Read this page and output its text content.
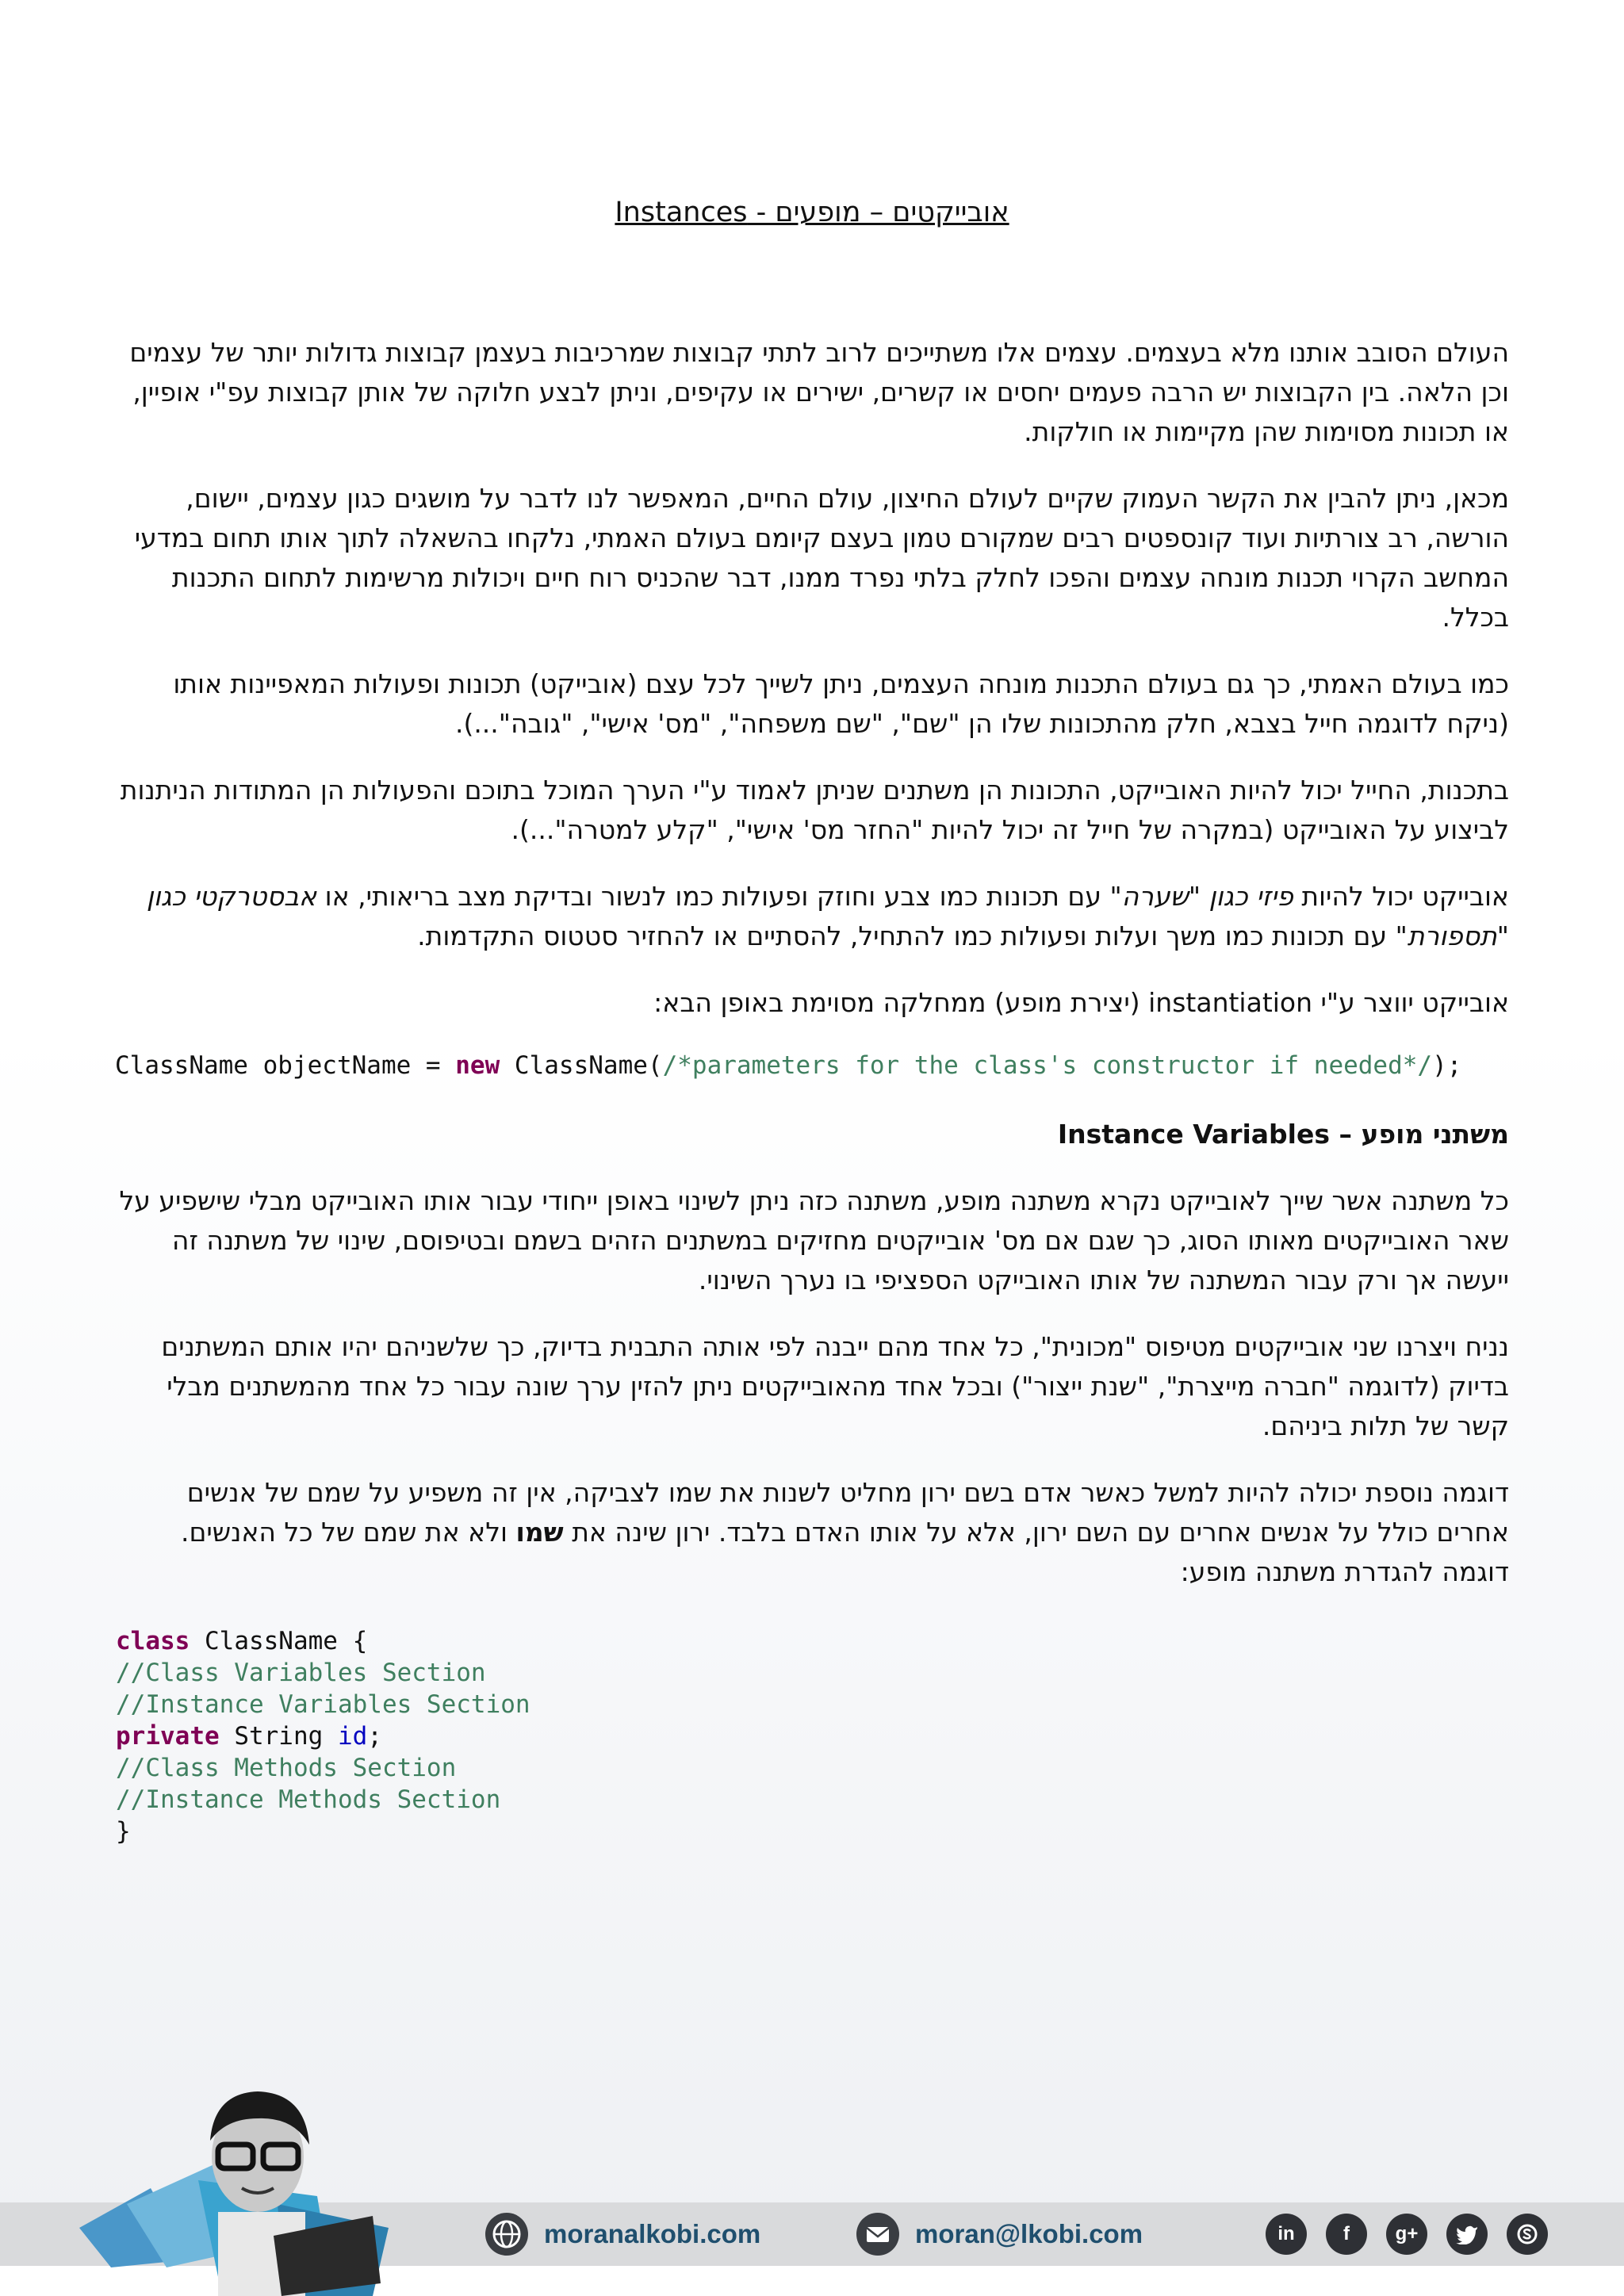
אובייקטים – מופעים - Instances

העולם הסובב אותנו מלא בעצמים. עצמים אלו משתייכים לרוב לתתי קבוצות שמרכיבות בעצמן קבוצות גדולות יותר של עצמים וכן הלאה. בין הקבוצות יש הרבה פעמים יחסים או קשרים, ישירים או עקיפים, וניתן לבצע חלוקה של אותן קבוצות עפ"י אופיין, או תכונות מסוימות שהן מקיימות או חולקות.

מכאן, ניתן להבין את הקשר העמוק שקיים לעולם החיצון, עולם החיים, המאפשר לנו לדבר על מושגים כגון עצמים, יישום, הורשה, רב צורתיות ועוד קונספטים רבים שמקורם טמון בעצם קיומם בעולם האמתי, נלקחו בהשאלה לתוך אותו תחום במדעי המחשב הקרוי תכנות מונחה עצמים והפכו לחלק בלתי נפרד ממנו, דבר שהכניס רוח חיים ויכולות מרשימות לתחום התכנות בכלל.

כמו בעולם האמתי, כך גם בעולם התכנות מונחה העצמים, ניתן לשייך לכל עצם (אובייקט) תכונות ופעולות המאפיינות אותו (ניקח לדוגמה חייל בצבא, חלק מהתכונות שלו הן "שם", "שם משפחה", "מס' אישי", "גובה"...).

בתכנות, החייל יכול להיות האובייקט, התכונות הן משתנים שניתן לאמוד ע"י הערך המוכל בתוכם והפעולות הן המתודות הניתנות לביצוע על האובייקט (במקרה של חייל זה יכול להיות "החזר מס' אישי", "קלע למטרה"...).

אובייקט יכול להיות פיזי כגון "שערה" עם תכונות כמו צבע וחוזק ופעולות כמו לנשור ובדיקת מצב בריאותי, או אבסטרקטי כגון "תספורת" עם תכונות כמו משך ועלות ופעולות כמו להתחיל, להסתיים או להחזיר סטטוס התקדמות.

אובייקט יווצר ע"י instantiation (יצירת מופע) ממחלקה מסוימת באופן הבא:

ClassName objectName = new ClassName(/*parameters for the class's constructor if needed*/);

משתני מופע – Instance Variables

כל משתנה אשר שייך לאובייקט נקרא משתנה מופע, משתנה כזה ניתן לשינוי באופן ייחודי עבור אותו האובייקט מבלי שישפיע על שאר האובייקטים מאותו הסוג, כך שגם אם מס' אובייקטים מחזיקים במשתנים הזהים בשמם ובטיפוסם, שינוי של משתנה זה ייעשה אך ורק עבור המשתנה של אותו האובייקט הספציפי בו נערך השינוי.

נניח ויצרנו שני אובייקטים מטיפוס "מכונית", כל אחד מהם ייבנה לפי אותה התבנית בדיוק, כך שלשניהם יהיו אותם המשתנים בדיוק (לדוגמה "חברה מייצרת", "שנת ייצור") ובכל אחד מהאובייקטים ניתן להזין ערך שונה עבור כל אחד מהמשתנים מבלי קשר של תלות ביניהם.

דוגמה נוספת יכולה להיות למשל כאשר אדם בשם ירון מחליט לשנות את שמו לצביקה, אין זה משפיע על שמם של אנשים אחרים כולל על אנשים אחרים עם השם ירון, אלא על אותו האדם בלבד. ירון שינה את שמו ולא את שמם של כל האנשים.
דוגמה להגדרת משתנה מופע:

class ClassName {
//Class Variables Section
//Instance Variables Section
private String id;
//Class Methods Section
//Instance Methods Section
}
moranalkobi.com	moran@lkobi.com	in	f	g+
